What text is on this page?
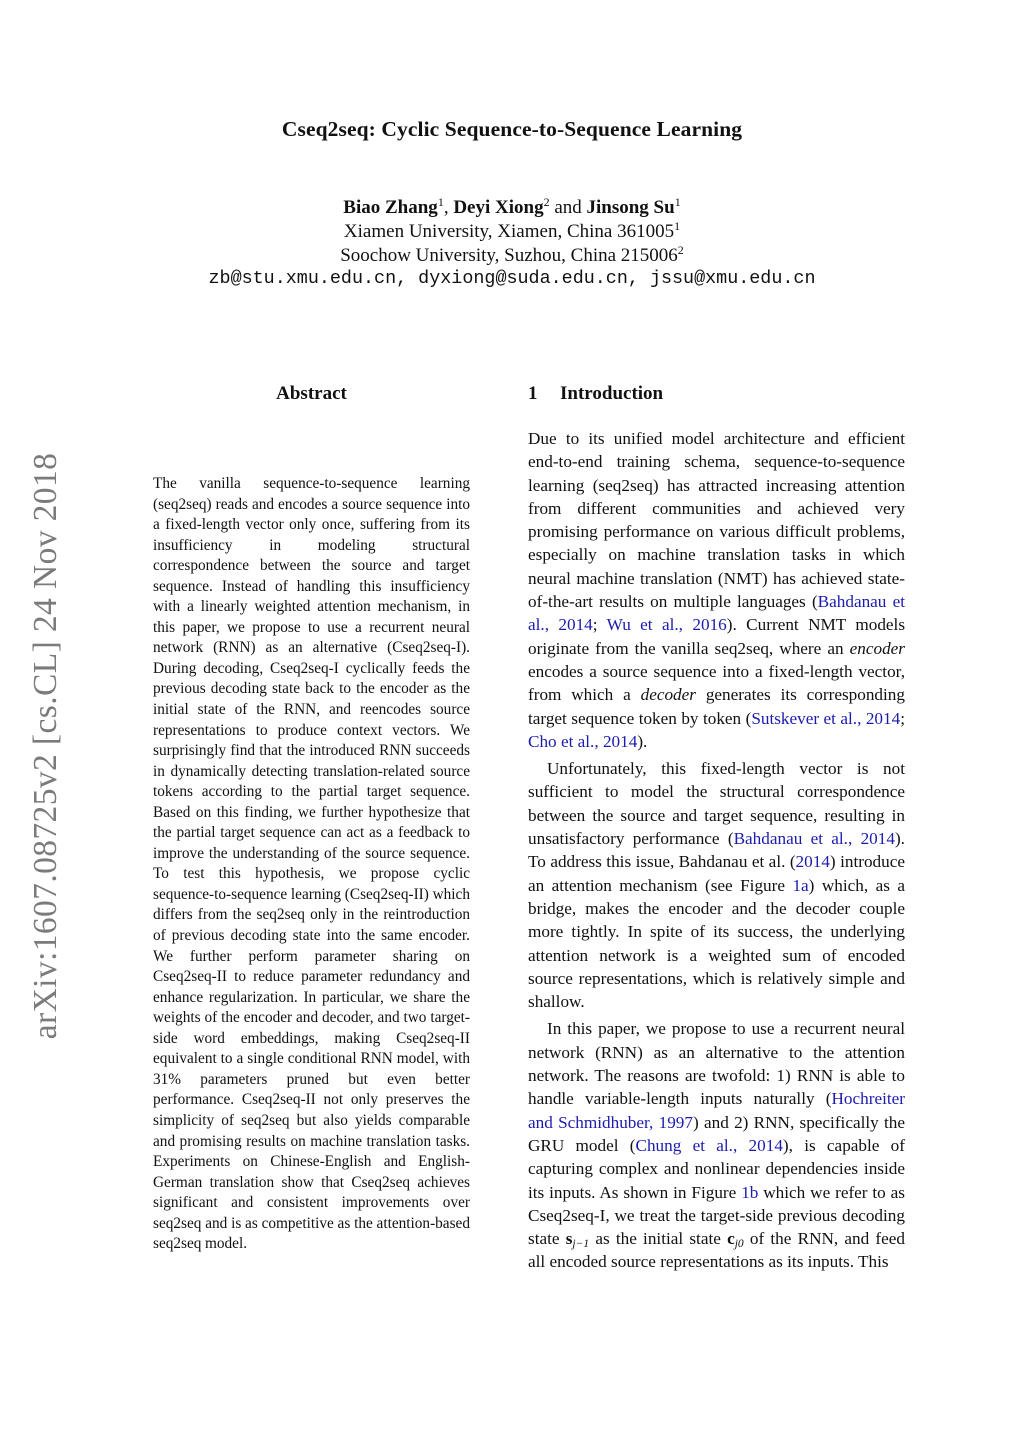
Cseq2seq: Cyclic Sequence-to-Sequence Learning
Biao Zhang$^1$, Deyi Xiong$^2$ and Jinsong Su$^1$
Xiamen University, Xiamen, China 361005$^1$
Soochow University, Suzhou, China 215006$^2$
zb@stu.xmu.edu.cn, dyxiong@suda.edu.cn, jssu@xmu.edu.cn
arXiv:1607.08725v2 [cs.CL] 24 Nov 2018
Abstract
The vanilla sequence-to-sequence learning (seq2seq) reads and encodes a source sequence into a fixed-length vector only once, suffering from its insufficiency in modeling structural correspondence between the source and target sequence. Instead of handling this insufficiency with a linearly weighted attention mechanism, in this paper, we propose to use a recurrent neural network (RNN) as an alternative (Cseq2seq-I). During decoding, Cseq2seq-I cyclically feeds the previous decoding state back to the encoder as the initial state of the RNN, and reencodes source representations to produce context vectors. We surprisingly find that the introduced RNN succeeds in dynamically detecting translation-related source tokens according to the partial target sequence. Based on this finding, we further hypothesize that the partial target sequence can act as a feedback to improve the understanding of the source sequence. To test this hypothesis, we propose cyclic sequence-to-sequence learning (Cseq2seq-II) which differs from the seq2seq only in the reintroduction of previous decoding state into the same encoder. We further perform parameter sharing on Cseq2seq-II to reduce parameter redundancy and enhance regularization. In particular, we share the weights of the encoder and decoder, and two target-side word embeddings, making Cseq2seq-II equivalent to a single conditional RNN model, with 31% parameters pruned but even better performance. Cseq2seq-II not only preserves the simplicity of seq2seq but also yields comparable and promising results on machine translation tasks. Experiments on Chinese-English and English-German translation show that Cseq2seq achieves significant and consistent improvements over seq2seq and is as competitive as the attention-based seq2seq model.
1 Introduction

Due to its unified model architecture and efficient end-to-end training schema, sequence-to-sequence learning (seq2seq) has attracted increasing attention from different communities and achieved very promising performance on various difficult problems, especially on machine translation tasks in which neural machine translation (NMT) has achieved state-of-the-art results on multiple languages (Bahdanau et al., 2014; Wu et al., 2016). Current NMT models originate from the vanilla seq2seq, where an encoder encodes a source sequence into a fixed-length vector, from which a decoder generates its corresponding target sequence token by token (Sutskever et al., 2014; Cho et al., 2014).

Unfortunately, this fixed-length vector is not sufficient to model the structural correspondence between the source and target sequence, resulting in unsatisfactory performance (Bahdanau et al., 2014). To address this issue, Bahdanau et al. (2014) introduce an attention mechanism (see Figure 1a) which, as a bridge, makes the encoder and the decoder couple more tightly. In spite of its success, the underlying attention network is a weighted sum of encoded source representations, which is relatively simple and shallow.

In this paper, we propose to use a recurrent neural network (RNN) as an alternative to the attention network. The reasons are twofold: 1) RNN is able to handle variable-length inputs naturally (Hochreiter and Schmidhuber, 1997) and 2) RNN, specifically the GRU model (Chung et al., 2014), is capable of capturing complex and nonlinear dependencies inside its inputs. As shown in Figure 1b which we refer to as Cseq2seq-I, we treat the target-side previous decoding state sj−1 as the initial state cj0 of the RNN, and feed all encoded source representations as its inputs. This
